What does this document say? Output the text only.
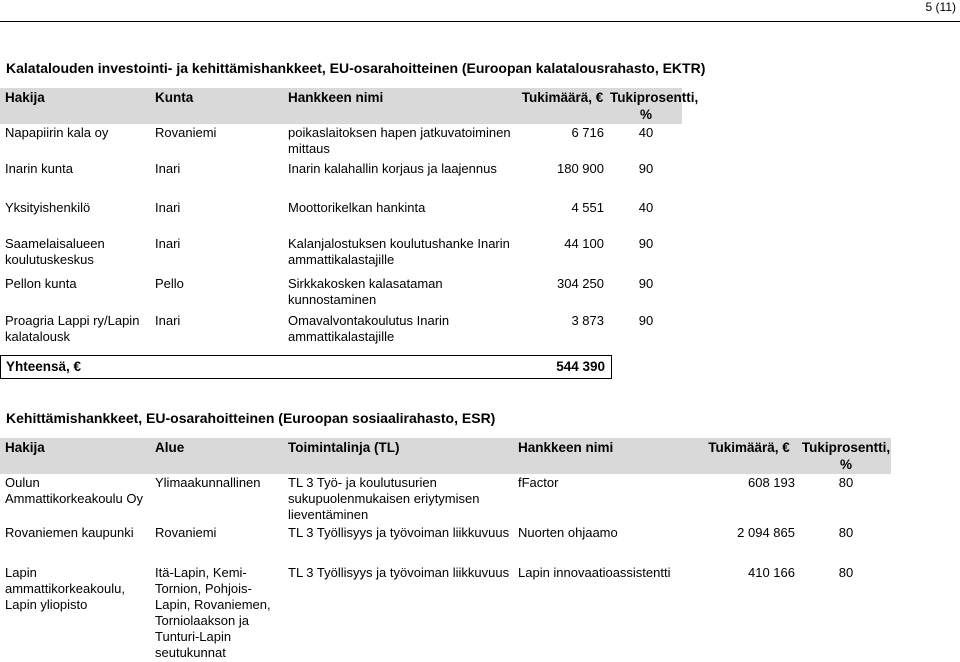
5 (11)
Kalatalouden investointi- ja kehittämishankkeet, EU-osarahoitteinen (Euroopan kalatalousrahasto, EKTR)
Hakija	Kunta	Hankkeen nimi	Tukimäärä, €	Tukiprosentti, %
Napapiirin kala oy	Rovaniemi	poikaslaitoksen hapen jatkuvatoiminen mittaus	6 716	40
Inarin kunta	Inari	Inarin kalahallin korjaus ja laajennus	180 900	90
Yksityishenkilö	Inari	Moottorikelkan hankinta	4 551	40
Saamelaisalueen koulutuskeskus	Inari	Kalanjalostuksen koulutushanke Inarin ammattikalastajille	44 100	90
Pellon kunta	Pello	Sirkkakosken kalasataman kunnostaminen	304 250	90
Proagria Lappi ry/Lapin kalatalousk	Inari	Omavalvontakoulutus Inarin ammattikalastajille	3 873	90
Yhteensä, €	544 390
Kehittämishankkeet, EU-osarahoitteinen (Euroopan sosiaalirahasto, ESR)
Hakija	Alue	Toimintalinja (TL)	Hankkeen nimi	Tukimäärä, €	Tukiprosentti, %	
Oulun Ammattikorkeakoulu Oy	Ylimaakunnallinen	TL 3 Työ- ja koulutusurien sukupuolenmukaisen eriytymisen lieventäminen	fFactor	608 193	80	
Rovaniemen kaupunki	Rovaniemi	TL 3 Työllisyys ja työvoiman liikkuvuus	Nuorten ohjaamo	2 094 865	80	
Lapin ammattikorkeakoulu, Lapin yliopisto	Itä-Lapin, Kemi-Tornion, Pohjois-Lapin, Rovaniemen, Torniolaakson ja Tunturi-Lapin seutukunnat	TL 3 Työllisyys ja työvoiman liikkuvuus	Lapin innovaatioassistentti	410 166	80	
